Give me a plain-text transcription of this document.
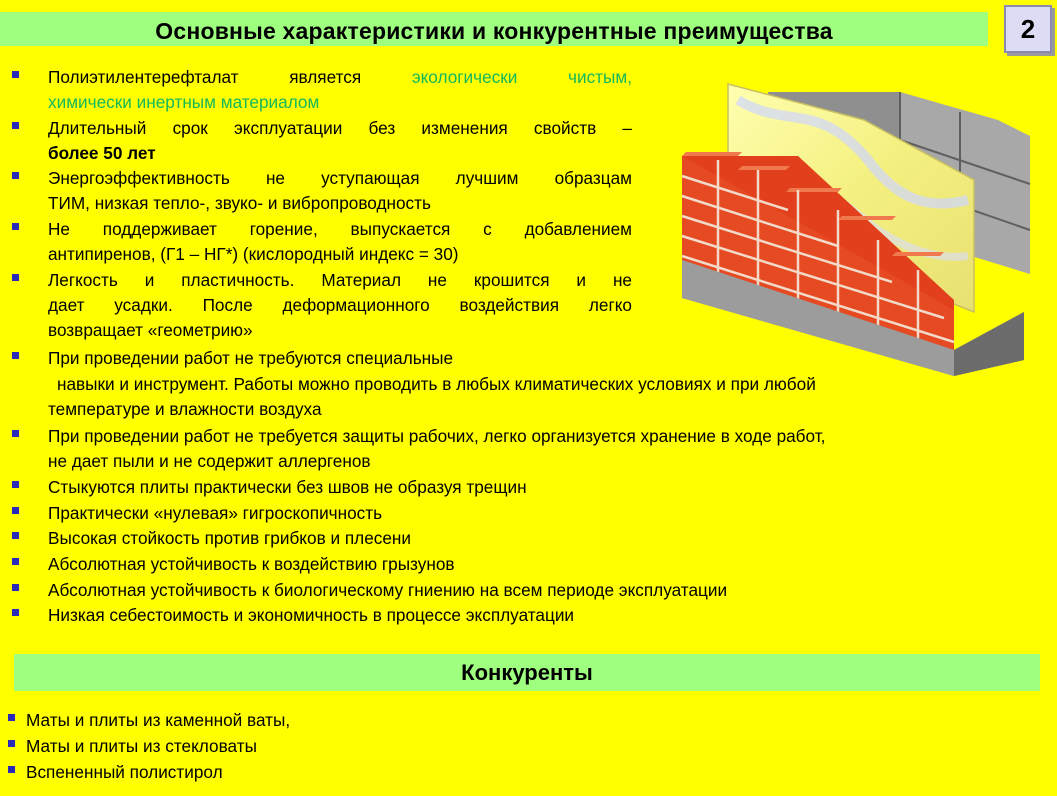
Основные характеристики и конкурентные преимущества	2
Полиэтилентерефталат является экологически чистым,
химически инертным материалом
Длительный срок эксплуатации без изменения свойств –
более 50 лет
Энергоэффективность не уступающая лучшим образцам
ТИМ, низкая тепло-, звуко- и вибропроводность
Не поддерживает горение, выпускается с добавлением
антипиренов, (Г1 – НГ*) (кислородный индекс = 30)
Легкость и пластичность. Материал не крошится и не
дает усадки. После деформационного воздействия легко
возвращает «геометрию»
При проведении работ не требуются специальные
навыки и инструмент. Работы можно проводить в любых климатических условиях и при любой
температуре и влажности воздуха
При проведении работ не требуется защиты рабочих, легко организуется хранение в ходе работ,
не дает пыли и не содержит аллергенов
Стыкуются плиты практически без швов не образуя трещин
Практически «нулевая» гигроскопичность
Высокая стойкость против грибков и плесени
Абсолютная устойчивость к воздействию грызунов
Абсолютная устойчивость к биологическому гниению на всем периоде эксплуатации
Низкая себестоимость и экономичность в процессе эксплуатации
Конкуренты
Маты и плиты из каменной ваты,
Маты и плиты из стекловаты
Вспененный полистирол
